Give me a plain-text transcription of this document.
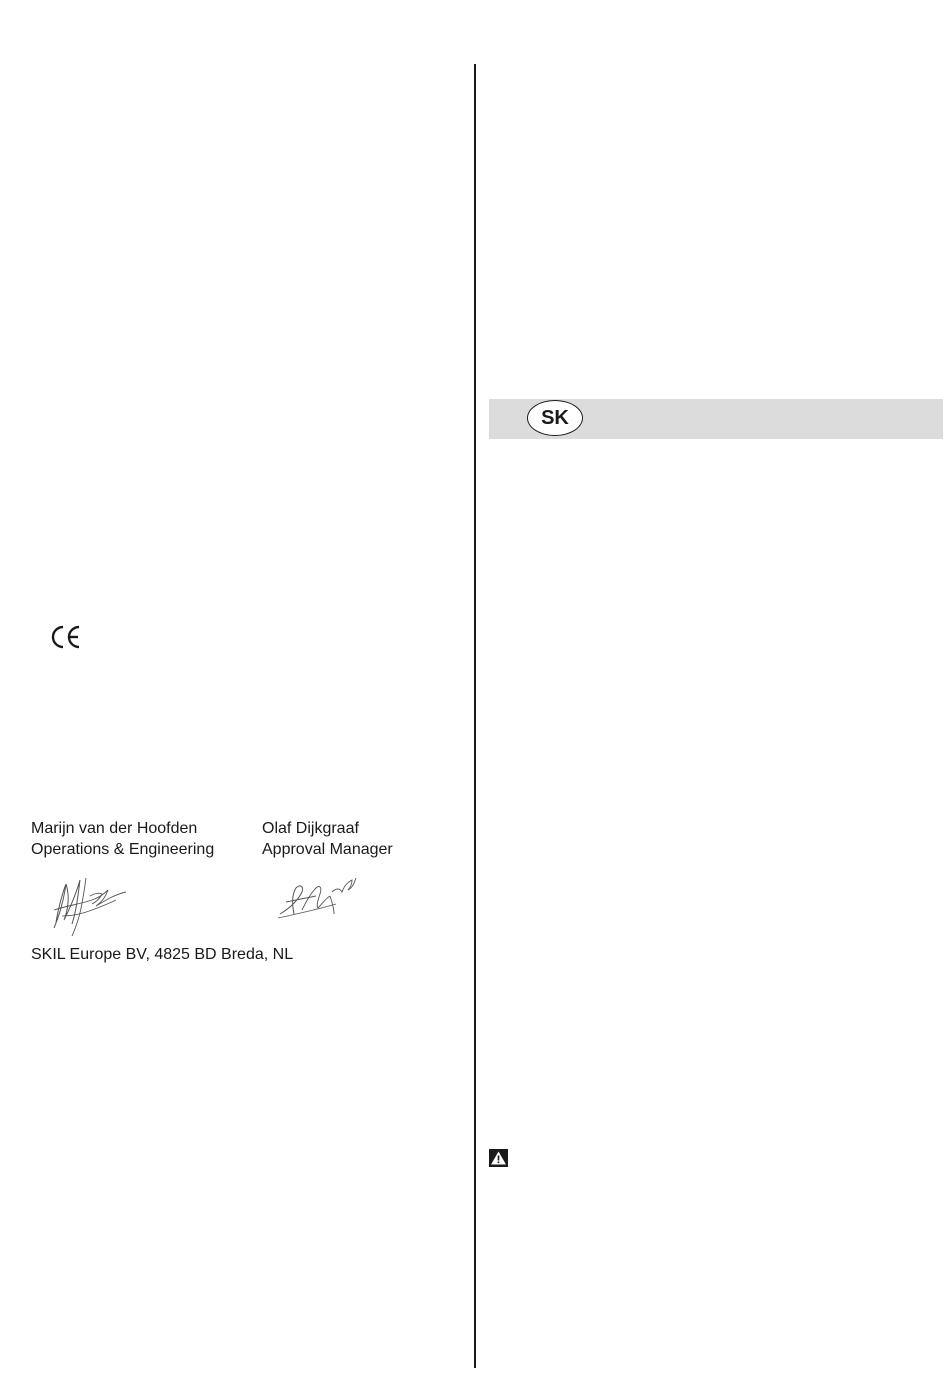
Marijn van der Hoofden
Operations & Engineering
Olaf Dijkgraaf
Approval Manager
SKIL Europe BV, 4825 BD Breda, NL
SK
